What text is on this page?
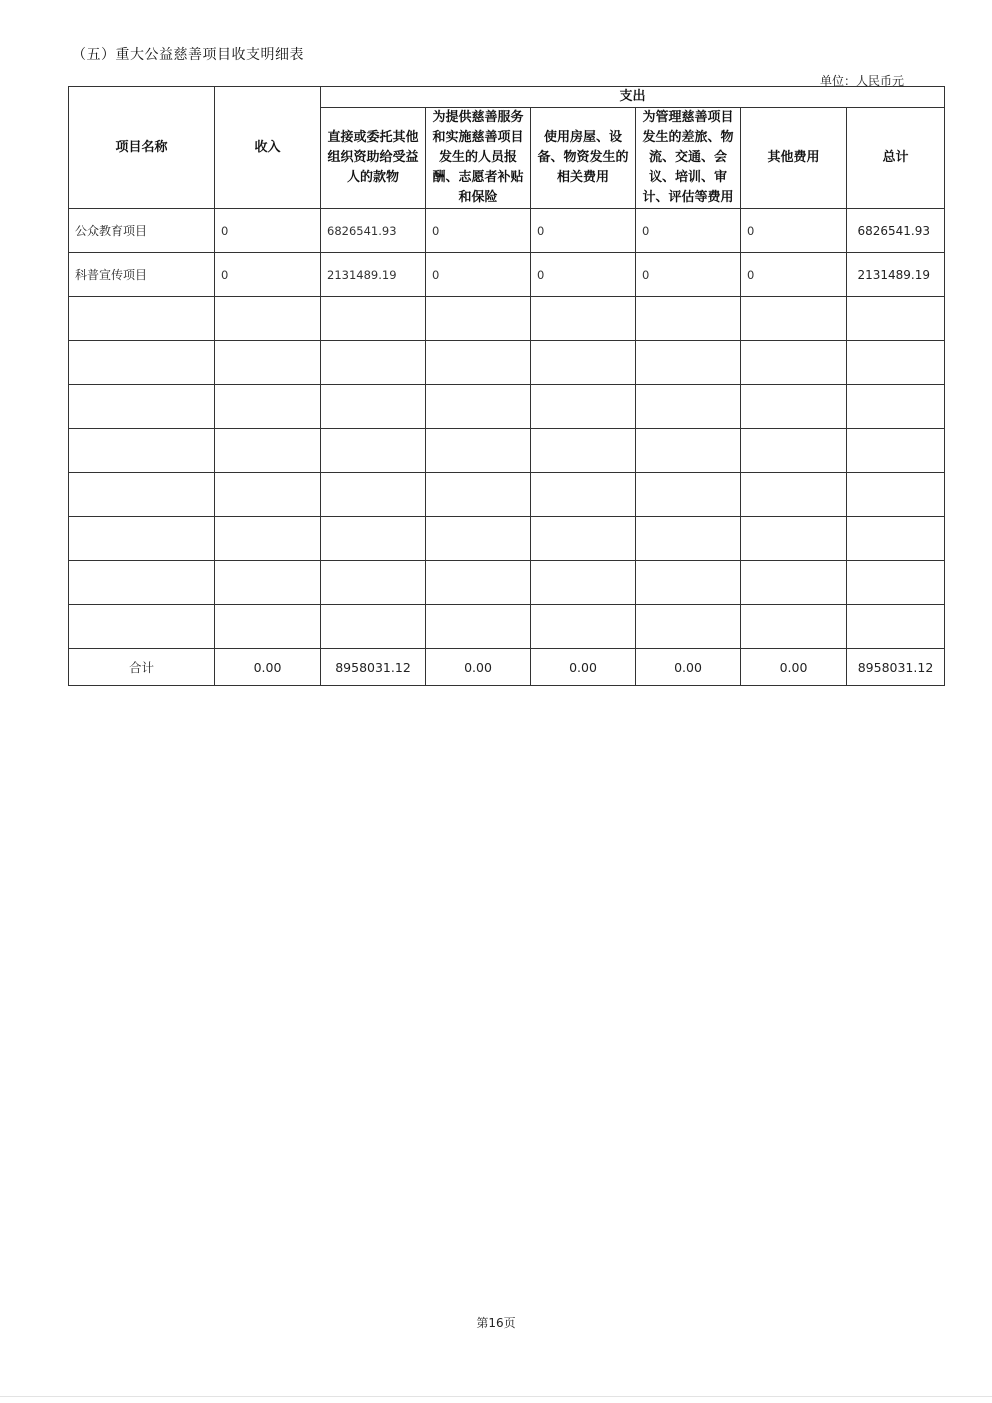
（五）重大公益慈善项目收支明细表
单位：人民币元
项目名称	收入	支出					
		直接或委托其他组织资助给受益人的款物	为提供慈善服务和实施慈善项目发生的人员报酬、志愿者补贴和保险	使用房屋、设备、物资发生的相关费用	为管理慈善项目发生的差旅、物流、交通、会议、培训、审计、评估等费用	其他费用	总计
公众教育项目	0	6826541.93	0	0	0	0	6826541.93
科普宣传项目	0	2131489.19	0	0	0	0	2131489.19

合计	0.00	8958031.12	0.00	0.00	0.00	0.00	8958031.12
第16页
